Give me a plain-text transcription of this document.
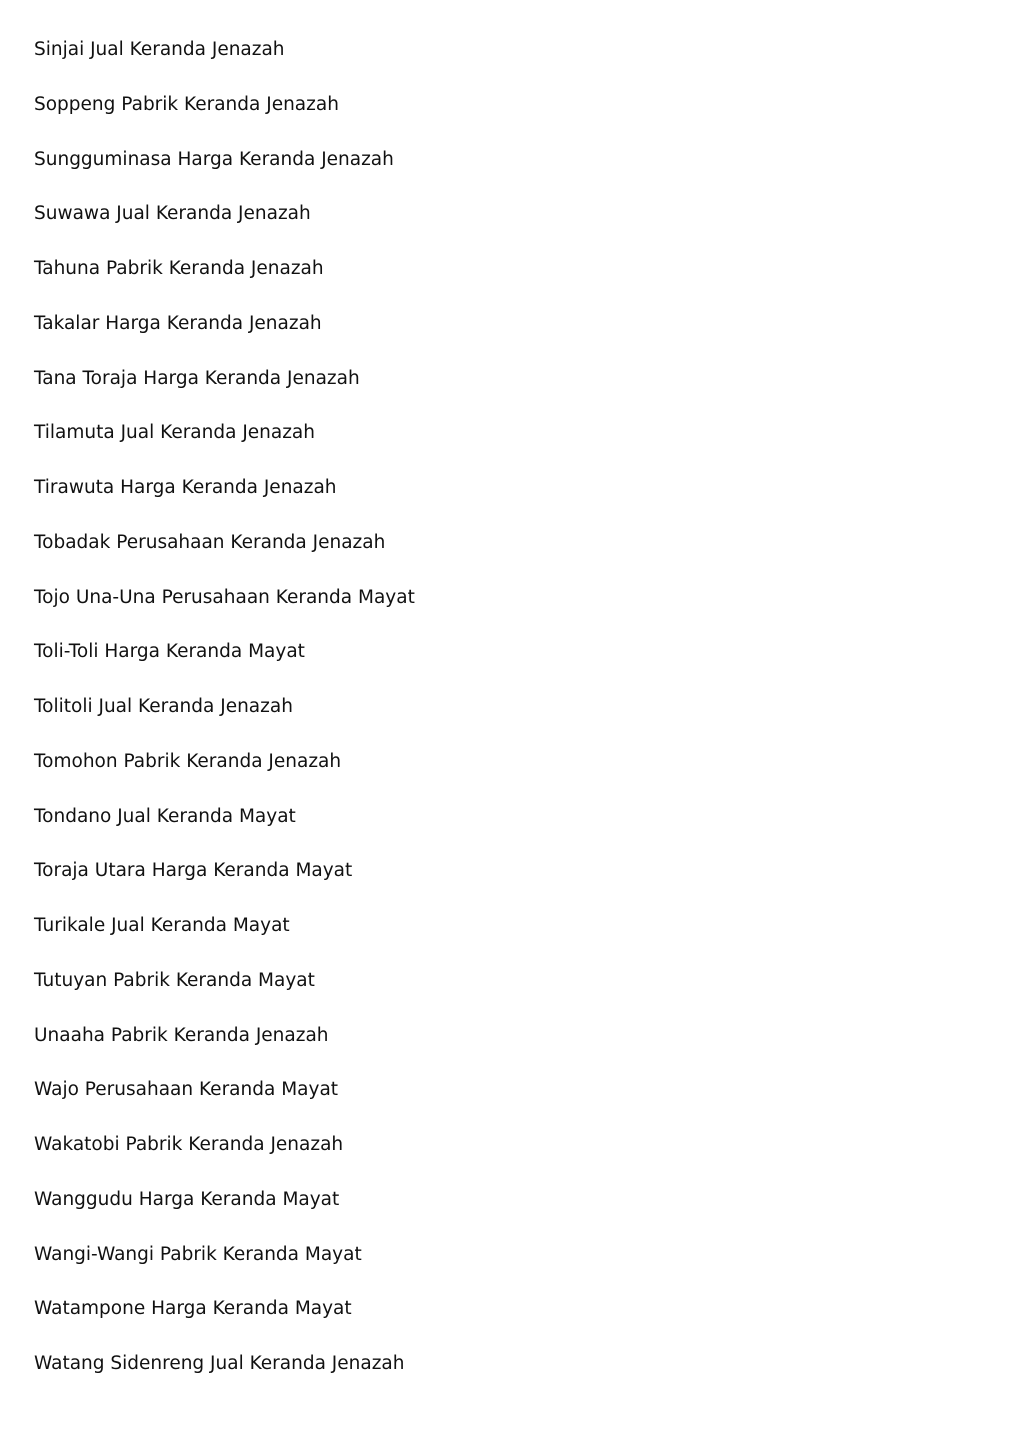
Sinjai Jual Keranda Jenazah
Soppeng Pabrik Keranda Jenazah
Sungguminasa Harga Keranda Jenazah
Suwawa Jual Keranda Jenazah
Tahuna Pabrik Keranda Jenazah
Takalar Harga Keranda Jenazah
Tana Toraja Harga Keranda Jenazah
Tilamuta Jual Keranda Jenazah
Tirawuta Harga Keranda Jenazah
Tobadak Perusahaan Keranda Jenazah
Tojo Una-Una Perusahaan Keranda Mayat
Toli-Toli Harga Keranda Mayat
Tolitoli Jual Keranda Jenazah
Tomohon Pabrik Keranda Jenazah
Tondano Jual Keranda Mayat
Toraja Utara Harga Keranda Mayat
Turikale Jual Keranda Mayat
Tutuyan Pabrik Keranda Mayat
Unaaha Pabrik Keranda Jenazah
Wajo Perusahaan Keranda Mayat
Wakatobi Pabrik Keranda Jenazah
Wanggudu Harga Keranda Mayat
Wangi-Wangi Pabrik Keranda Mayat
Watampone Harga Keranda Mayat
Watang Sidenreng Jual Keranda Jenazah
